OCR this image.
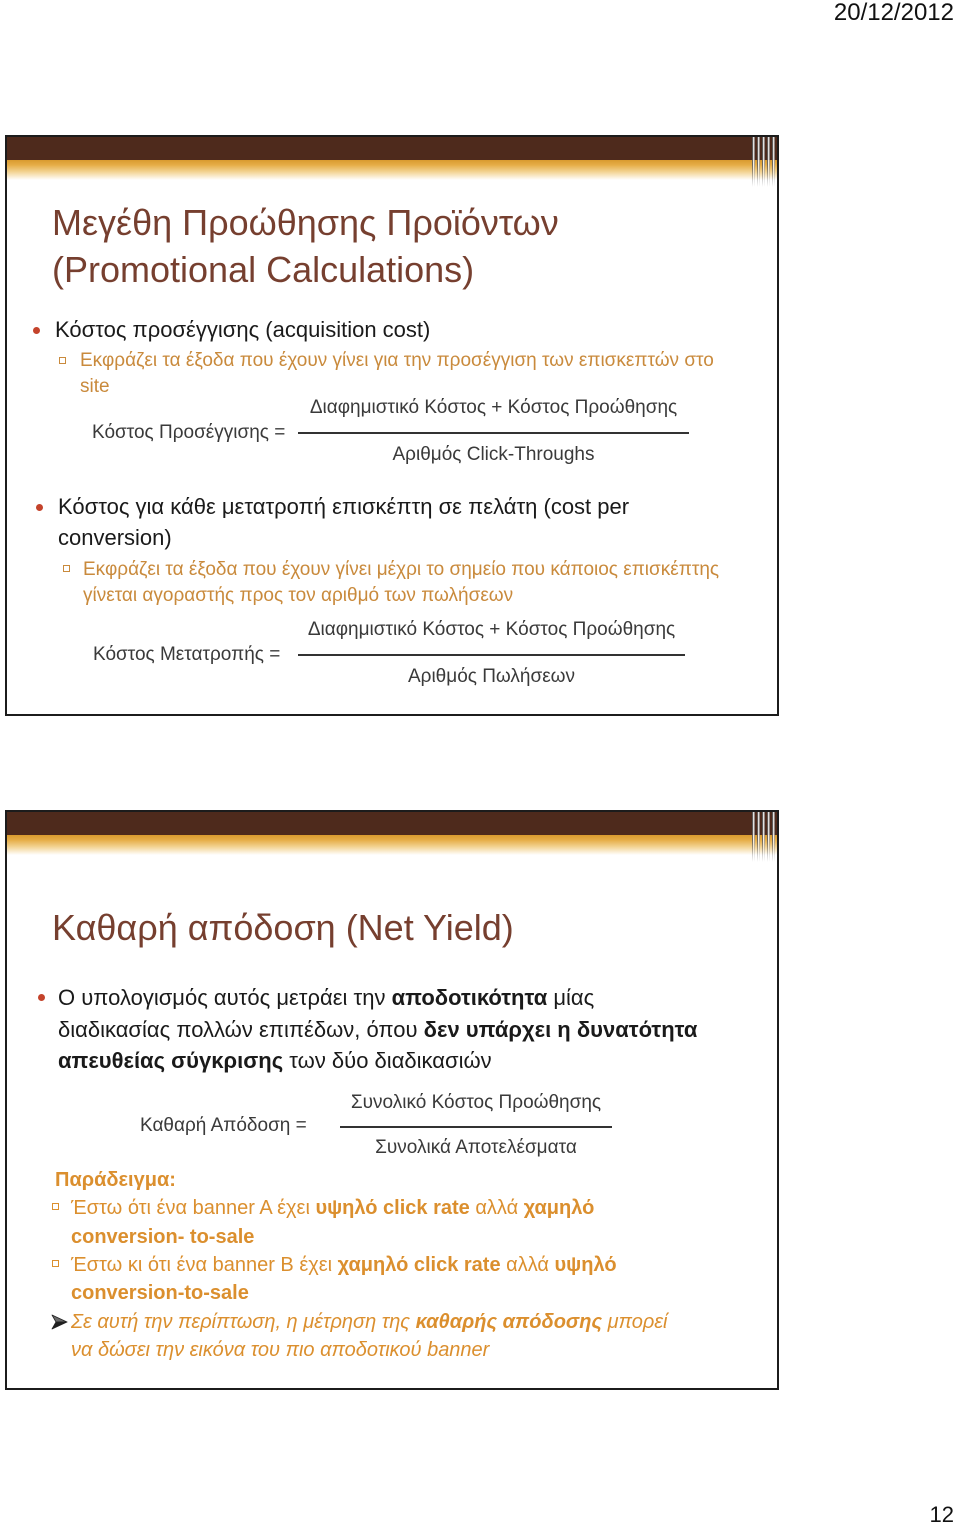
20/12/2012
Μεγέθη Προώθησης Προϊόντων
(Promotional Calculations)
Κόστος προσέγγισης (acquisition cost)
Εκφράζει τα έξοδα που έχουν γίνει για την προσέγγιση των επισκεπτών στο
site
Διαφημιστικό Κόστος + Κόστος Προώθησης
Κόστος Προσέγγισης =
Αριθμός Click-Throughs
Κόστος για κάθε μετατροπή επισκέπτη σε πελάτη (cost per
conversion)
Εκφράζει τα έξοδα που έχουν γίνει μέχρι το σημείο που κάποιος επισκέπτης
γίνεται αγοραστής προς τον αριθμό των πωλήσεων
Διαφημιστικό Κόστος + Κόστος Προώθησης
Κόστος Μετατροπής =
Αριθμός Πωλήσεων
Καθαρή απόδοση (Net Yield)
Ο υπολογισμός αυτός μετράει την αποδοτικότητα μίας
διαδικασίας πολλών επιπέδων, όπου δεν υπάρχει η δυνατότητα
απευθείας σύγκρισης των δύο διαδικασιών
Συνολικό Κόστος Προώθησης
Καθαρή Απόδοση =
Συνολικά Αποτελέσματα
Παράδειγμα:
Έστω ότι ένα banner A έχει υψηλό click rate αλλά χαμηλό
conversion- to-sale
Έστω κι ότι ένα banner B έχει χαμηλό click rate αλλά υψηλό
conversion-to-sale
Σε αυτή την περίπτωση, η μέτρηση της καθαρής απόδοσης μπορεί
να δώσει την εικόνα του πιο αποδοτικού banner
12
